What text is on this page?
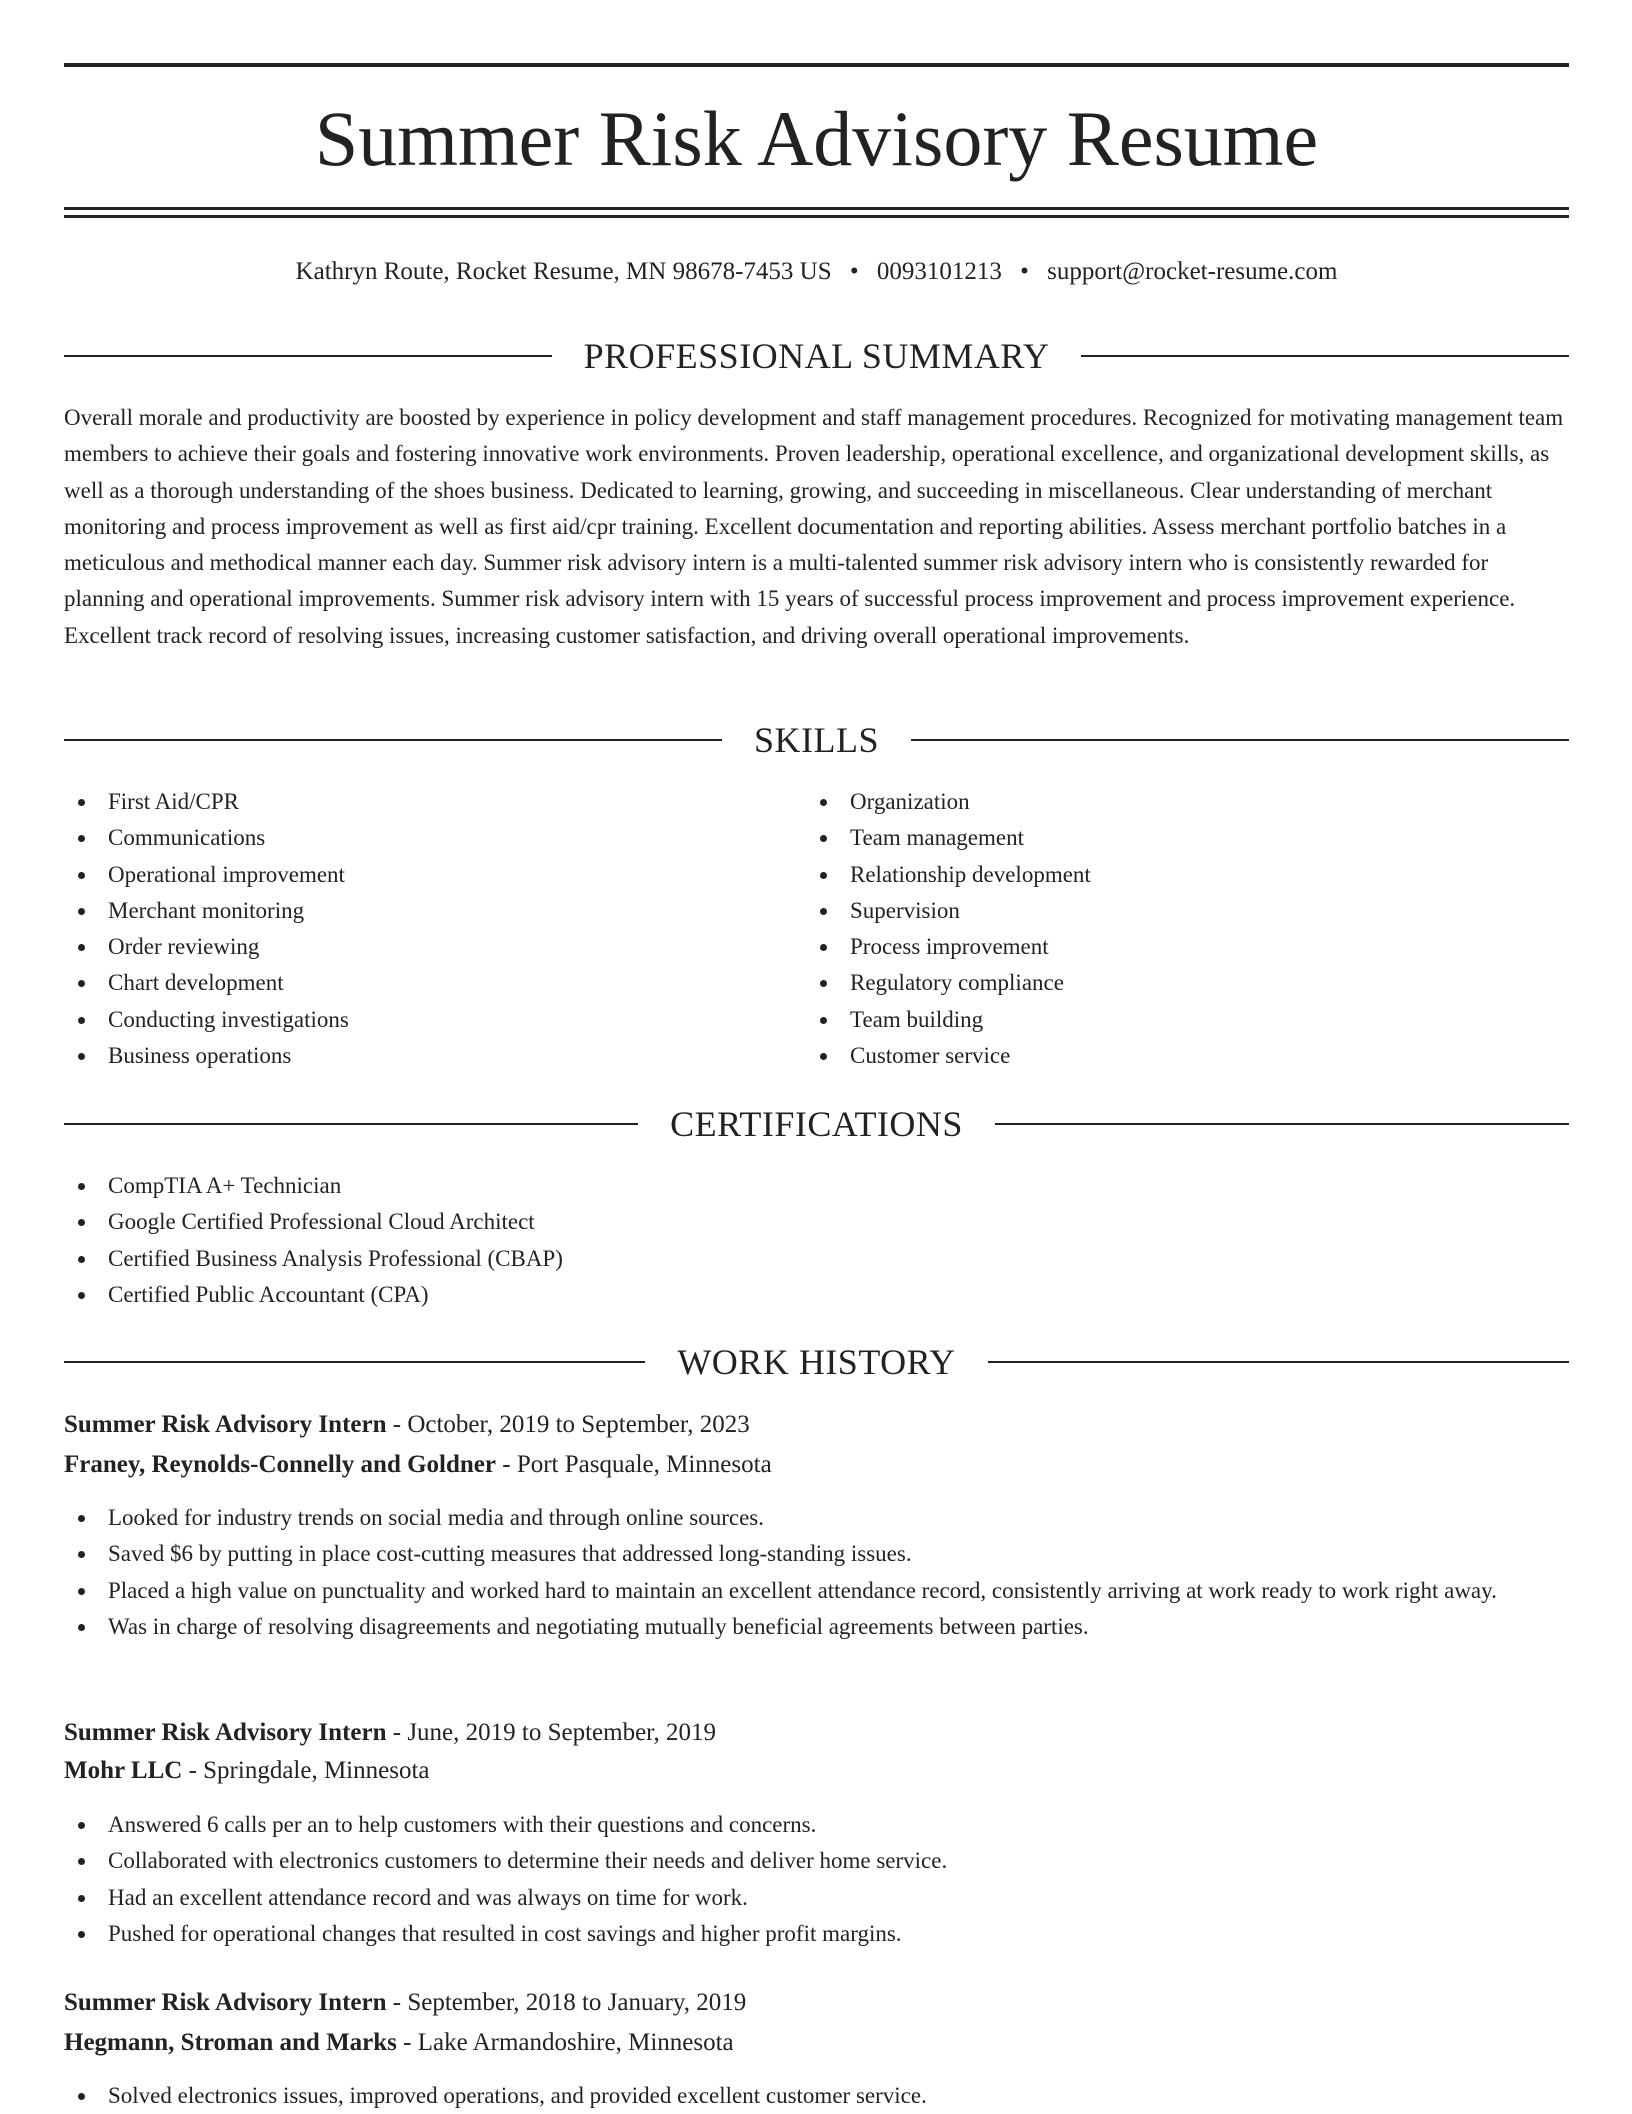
Summer Risk Advisory Resume
Kathryn Route, Rocket Resume, MN 98678-7453 US • 0093101213 • support@rocket-resume.com
PROFESSIONAL SUMMARY
Overall morale and productivity are boosted by experience in policy development and staff management procedures. Recognized for motivating management team members to achieve their goals and fostering innovative work environments. Proven leadership, operational excellence, and organizational development skills, as well as a thorough understanding of the shoes business. Dedicated to learning, growing, and succeeding in miscellaneous. Clear understanding of merchant monitoring and process improvement as well as first aid/cpr training. Excellent documentation and reporting abilities. Assess merchant portfolio batches in a meticulous and methodical manner each day. Summer risk advisory intern is a multi-talented summer risk advisory intern who is consistently rewarded for planning and operational improvements. Summer risk advisory intern with 15 years of successful process improvement and process improvement experience. Excellent track record of resolving issues, increasing customer satisfaction, and driving overall operational improvements.
SKILLS
First Aid/CPR
Communications
Operational improvement
Merchant monitoring
Order reviewing
Chart development
Conducting investigations
Business operations
Organization
Team management
Relationship development
Supervision
Process improvement
Regulatory compliance
Team building
Customer service
CERTIFICATIONS
CompTIA A+ Technician
Google Certified Professional Cloud Architect
Certified Business Analysis Professional (CBAP)
Certified Public Accountant (CPA)
WORK HISTORY
Summer Risk Advisory Intern - October, 2019 to September, 2023
Franey, Reynolds-Connelly and Goldner - Port Pasquale, Minnesota
Looked for industry trends on social media and through online sources.
Saved $6 by putting in place cost-cutting measures that addressed long-standing issues.
Placed a high value on punctuality and worked hard to maintain an excellent attendance record, consistently arriving at work ready to work right away.
Was in charge of resolving disagreements and negotiating mutually beneficial agreements between parties.
Summer Risk Advisory Intern - June, 2019 to September, 2019
Mohr LLC - Springdale, Minnesota
Answered 6 calls per an to help customers with their questions and concerns.
Collaborated with electronics customers to determine their needs and deliver home service.
Had an excellent attendance record and was always on time for work.
Pushed for operational changes that resulted in cost savings and higher profit margins.
Summer Risk Advisory Intern - September, 2018 to January, 2019
Hegmann, Stroman and Marks - Lake Armandoshire, Minnesota
Solved electronics issues, improved operations, and provided excellent customer service.
